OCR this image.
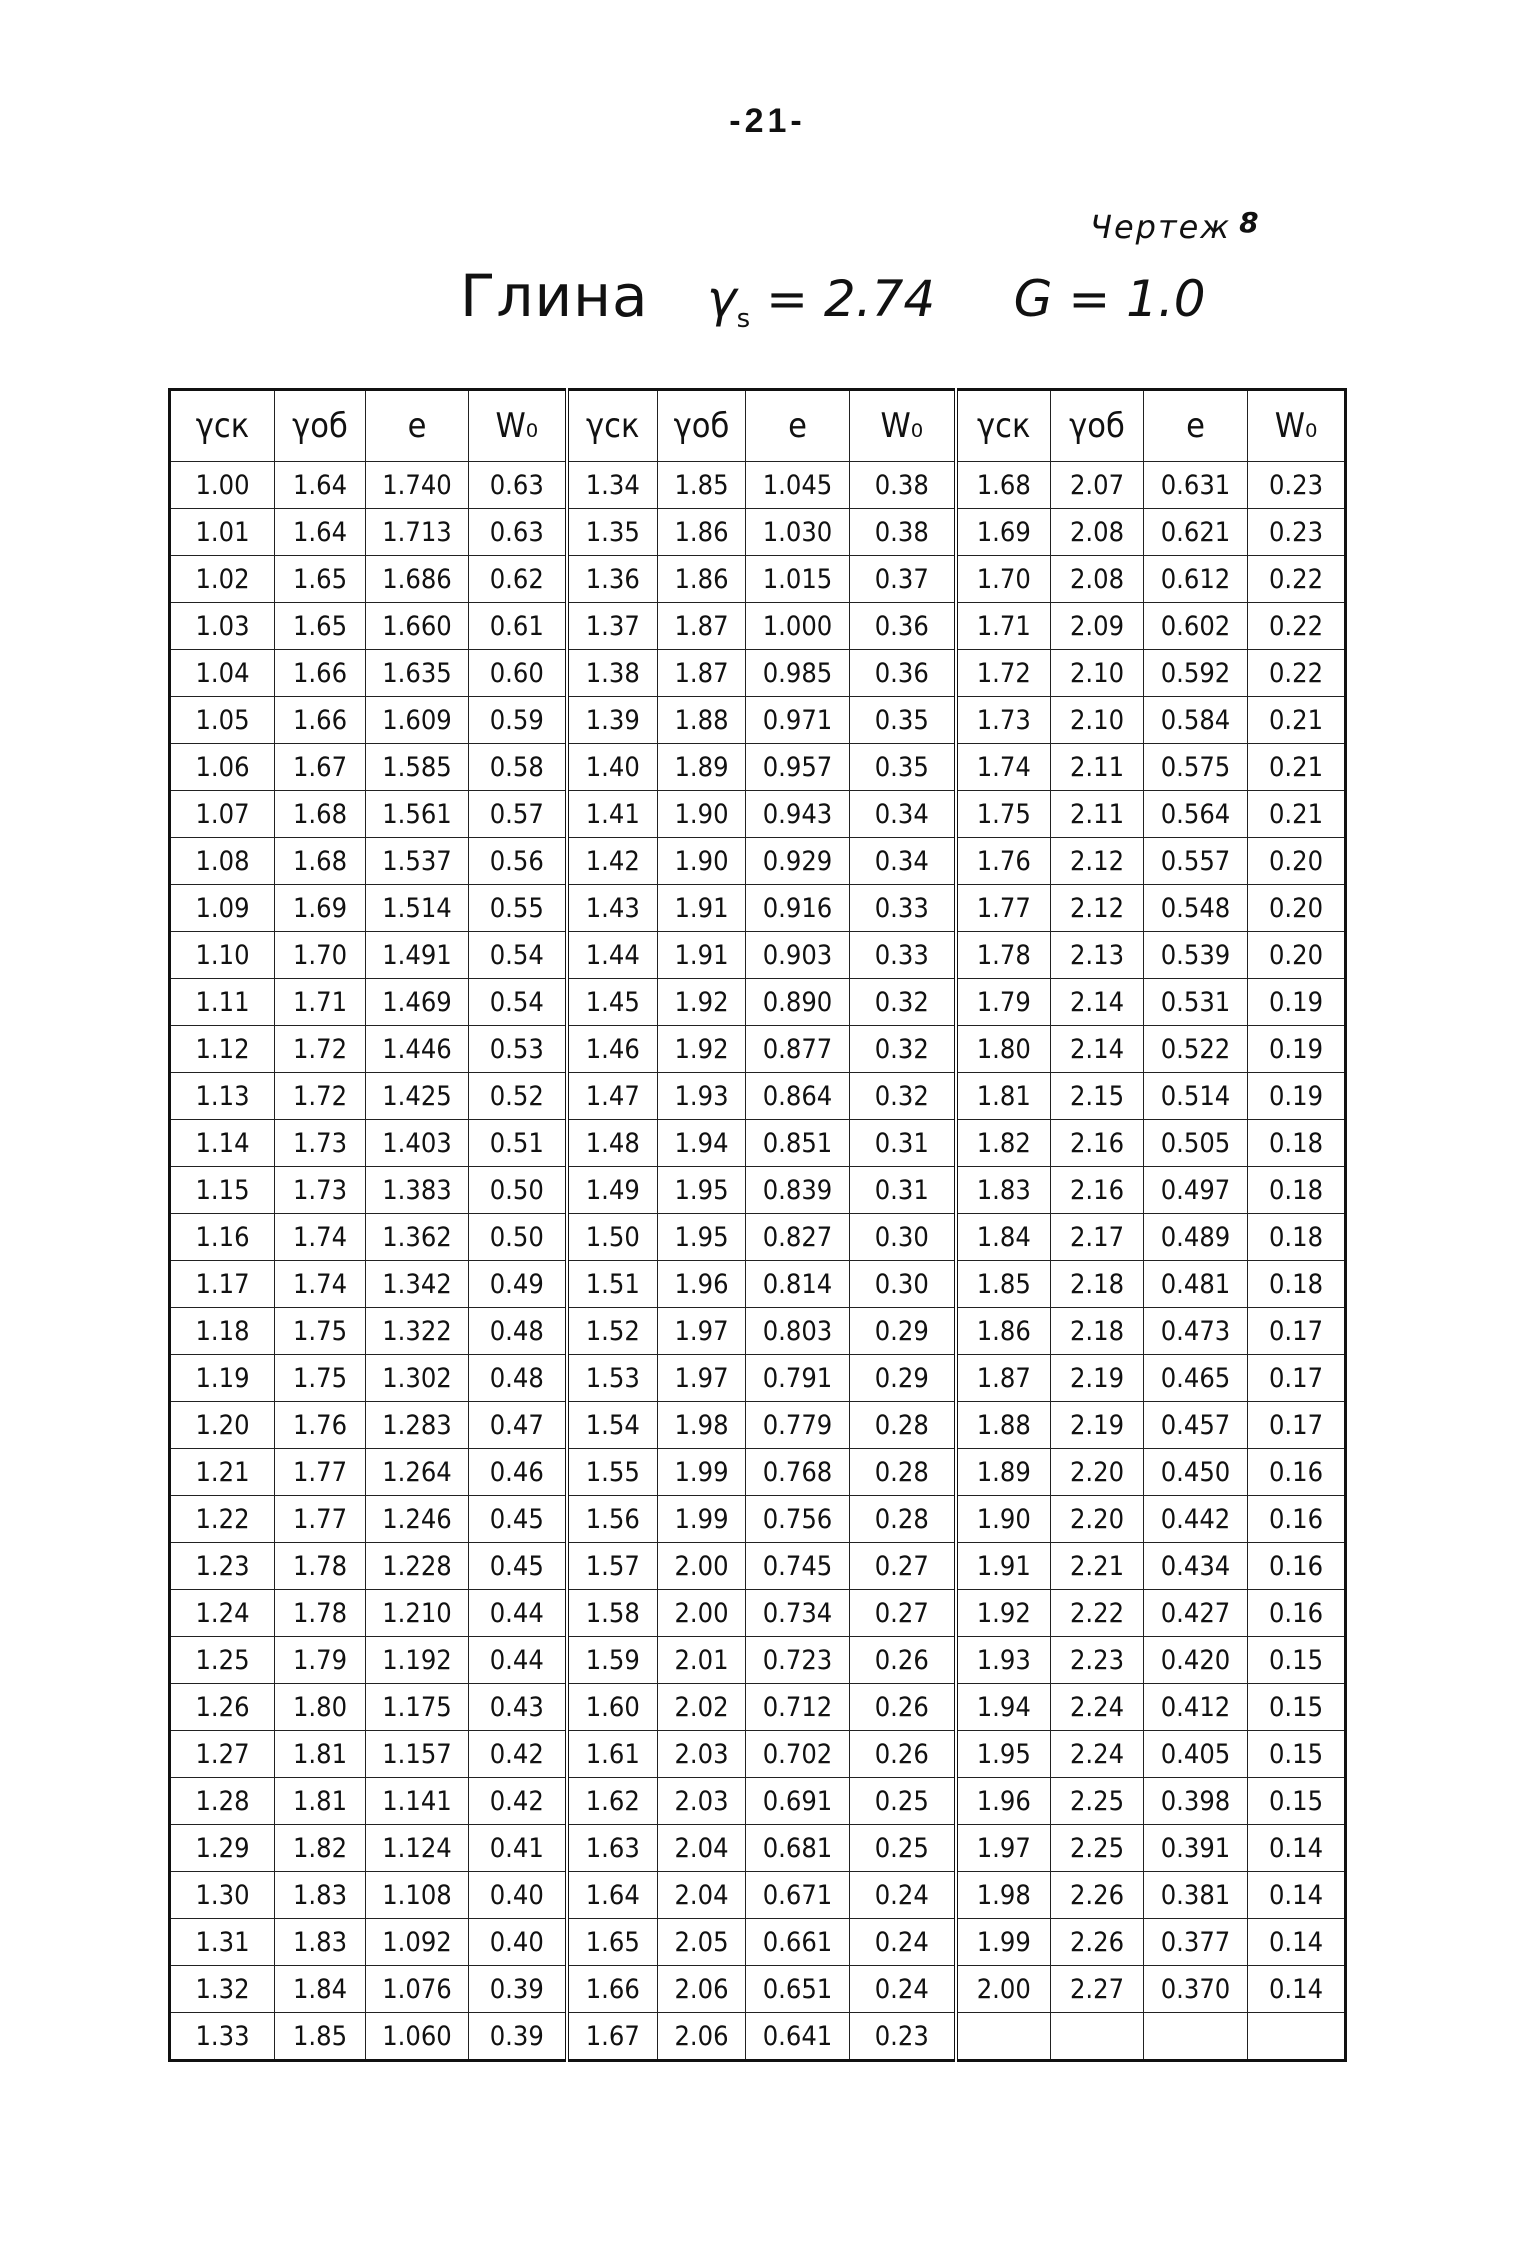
-21-
Чертеж 8
Глина $\gamma_s = 2.74$ G = 1.0
γск	γоб	e	W₀	γск	γоб	e	W₀	γск	γоб	e	W₀
1.00	1.64	1.740	0.63	1.34	1.85	1.045	0.38	1.68	2.07	0.631	0.23
1.01	1.64	1.713	0.63	1.35	1.86	1.030	0.38	1.69	2.08	0.621	0.23
1.02	1.65	1.686	0.62	1.36	1.86	1.015	0.37	1.70	2.08	0.612	0.22
1.03	1.65	1.660	0.61	1.37	1.87	1.000	0.36	1.71	2.09	0.602	0.22
1.04	1.66	1.635	0.60	1.38	1.87	0.985	0.36	1.72	2.10	0.592	0.22
1.05	1.66	1.609	0.59	1.39	1.88	0.971	0.35	1.73	2.10	0.584	0.21
1.06	1.67	1.585	0.58	1.40	1.89	0.957	0.35	1.74	2.11	0.575	0.21
1.07	1.68	1.561	0.57	1.41	1.90	0.943	0.34	1.75	2.11	0.564	0.21
1.08	1.68	1.537	0.56	1.42	1.90	0.929	0.34	1.76	2.12	0.557	0.20
1.09	1.69	1.514	0.55	1.43	1.91	0.916	0.33	1.77	2.12	0.548	0.20
1.10	1.70	1.491	0.54	1.44	1.91	0.903	0.33	1.78	2.13	0.539	0.20
1.11	1.71	1.469	0.54	1.45	1.92	0.890	0.32	1.79	2.14	0.531	0.19
1.12	1.72	1.446	0.53	1.46	1.92	0.877	0.32	1.80	2.14	0.522	0.19
1.13	1.72	1.425	0.52	1.47	1.93	0.864	0.32	1.81	2.15	0.514	0.19
1.14	1.73	1.403	0.51	1.48	1.94	0.851	0.31	1.82	2.16	0.505	0.18
1.15	1.73	1.383	0.50	1.49	1.95	0.839	0.31	1.83	2.16	0.497	0.18
1.16	1.74	1.362	0.50	1.50	1.95	0.827	0.30	1.84	2.17	0.489	0.18
1.17	1.74	1.342	0.49	1.51	1.96	0.814	0.30	1.85	2.18	0.481	0.18
1.18	1.75	1.322	0.48	1.52	1.97	0.803	0.29	1.86	2.18	0.473	0.17
1.19	1.75	1.302	0.48	1.53	1.97	0.791	0.29	1.87	2.19	0.465	0.17
1.20	1.76	1.283	0.47	1.54	1.98	0.779	0.28	1.88	2.19	0.457	0.17
1.21	1.77	1.264	0.46	1.55	1.99	0.768	0.28	1.89	2.20	0.450	0.16
1.22	1.77	1.246	0.45	1.56	1.99	0.756	0.28	1.90	2.20	0.442	0.16
1.23	1.78	1.228	0.45	1.57	2.00	0.745	0.27	1.91	2.21	0.434	0.16
1.24	1.78	1.210	0.44	1.58	2.00	0.734	0.27	1.92	2.22	0.427	0.16
1.25	1.79	1.192	0.44	1.59	2.01	0.723	0.26	1.93	2.23	0.420	0.15
1.26	1.80	1.175	0.43	1.60	2.02	0.712	0.26	1.94	2.24	0.412	0.15
1.27	1.81	1.157	0.42	1.61	2.03	0.702	0.26	1.95	2.24	0.405	0.15
1.28	1.81	1.141	0.42	1.62	2.03	0.691	0.25	1.96	2.25	0.398	0.15
1.29	1.82	1.124	0.41	1.63	2.04	0.681	0.25	1.97	2.25	0.391	0.14
1.30	1.83	1.108	0.40	1.64	2.04	0.671	0.24	1.98	2.26	0.381	0.14
1.31	1.83	1.092	0.40	1.65	2.05	0.661	0.24	1.99	2.26	0.377	0.14
1.32	1.84	1.076	0.39	1.66	2.06	0.651	0.24	2.00	2.27	0.370	0.14
1.33	1.85	1.060	0.39	1.67	2.06	0.641	0.23				
